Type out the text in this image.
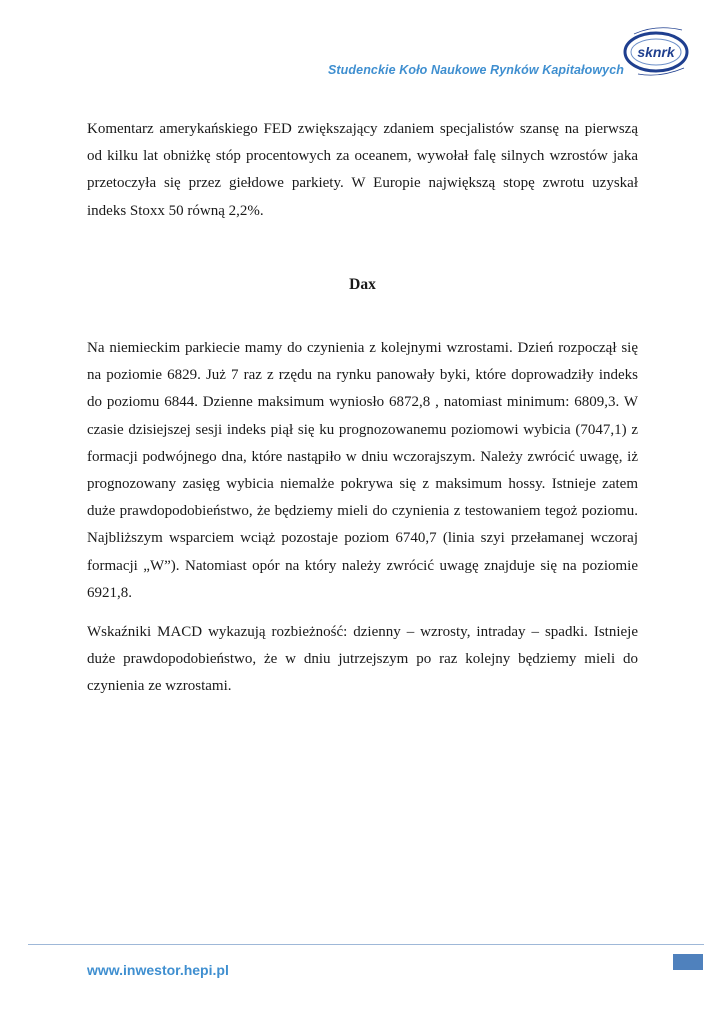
Studenckie Koło Naukowe Rynków Kapitałowych
sknrk

Komentarz amerykańskiego FED zwiększający zdaniem specjalistów szansę na pierwszą od kilku lat obniżkę stóp procentowych za oceanem, wywołał falę silnych wzrostów jaka przetoczyła się przez giełdowe parkiety. W Europie największą stopę zwrotu uzyskał indeks Stoxx 50 równą 2,2%.

Dax

Na niemieckim parkiecie mamy do czynienia z kolejnymi wzrostami. Dzień rozpoczął się na poziomie 6829. Już 7 raz z rzędu na rynku panowały byki, które doprowadziły indeks do poziomu 6844. Dzienne maksimum wyniosło 6872,8 , natomiast minimum: 6809,3. W czasie dzisiejszej sesji indeks piął się ku prognozowanemu poziomowi wybicia (7047,1) z formacji podwójnego dna, które nastąpiło w dniu wczorajszym. Należy zwrócić uwagę, iż prognozowany zasięg wybicia niemalże pokrywa się z maksimum hossy. Istnieje zatem duże prawdopodobieństwo, że będziemy mieli do czynienia z testowaniem tegoż poziomu. Najbliższym wsparciem wciąż pozostaje poziom 6740,7 (linia szyi przełamanej wczoraj formacji „W”). Natomiast opór na który należy zwrócić uwagę znajduje się na poziomie 6921,8.

Wskaźniki MACD wykazują rozbieżność: dzienny – wzrosty, intraday – spadki. Istnieje duże prawdopodobieństwo, że w dniu jutrzejszym po raz kolejny będziemy mieli do czynienia ze wzrostami.

www.inwestor.hepi.pl
